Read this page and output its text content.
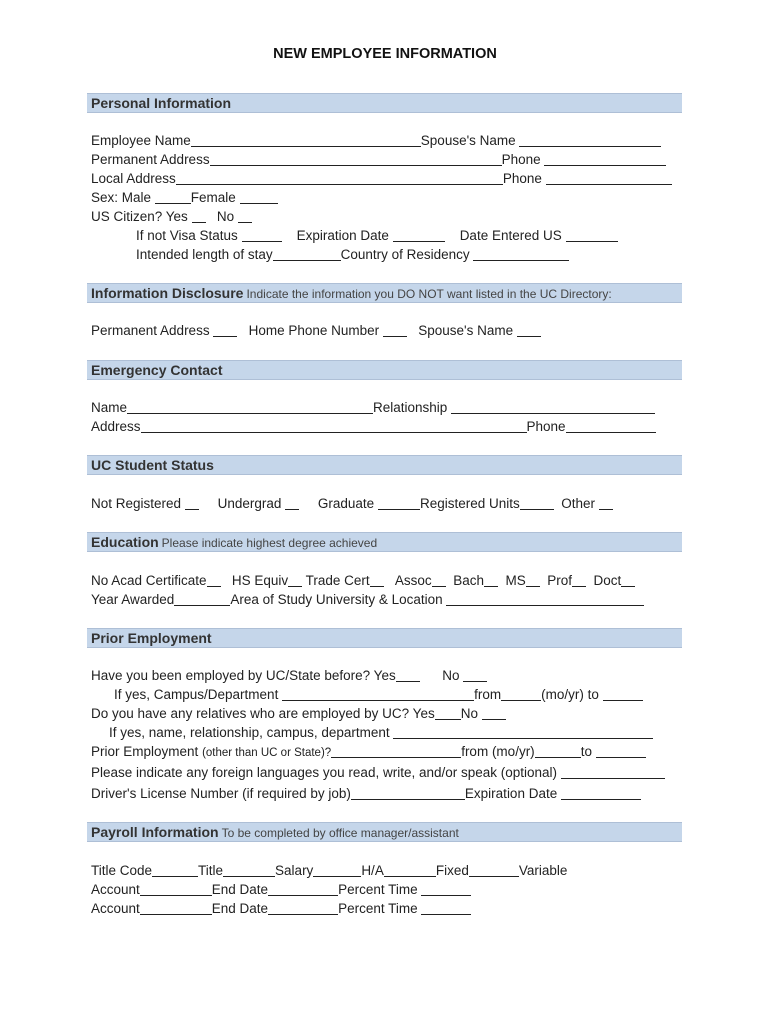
NEW EMPLOYEE INFORMATION
Personal Information
Employee Name	Spouse's Name
Permanent Address	Phone
Local Address	Phone
Sex: Male	Female
US Citizen? Yes No
If not Visa Status	Expiration Date	Date Entered US
Intended length of stay	Country of Residency
Information Disclosure Indicate the information you DO NOT want listed in the UC Directory:
Permanent Address	Home Phone Number	Spouse's Name
Emergency Contact
Name	Relationship
Address	Phone
UC Student Status
Not Registered	Undergrad	Graduate	Registered Units	Other
Education Please indicate highest degree achieved
No Acad Certificate HS Equiv Trade Cert Assoc Bach MS Prof Doct
Year Awarded	Area of Study University & Location
Prior Employment
Have you been employed by UC/State before? Yes	No
If yes, Campus/Department	from	(mo/yr) to
Do you have any relatives who are employed by UC? Yes No
If yes, name, relationship, campus, department
Prior Employment (other than UC or State)?	from (mo/yr)	to
Please indicate any foreign languages you read, write, and/or speak (optional)
Driver's License Number (if required by job)	Expiration Date
Payroll Information To be completed by office manager/assistant
Title Code	Title	Salary	H/A	Fixed	Variable
Account	End Date	Percent Time
Account	End Date	Percent Time
